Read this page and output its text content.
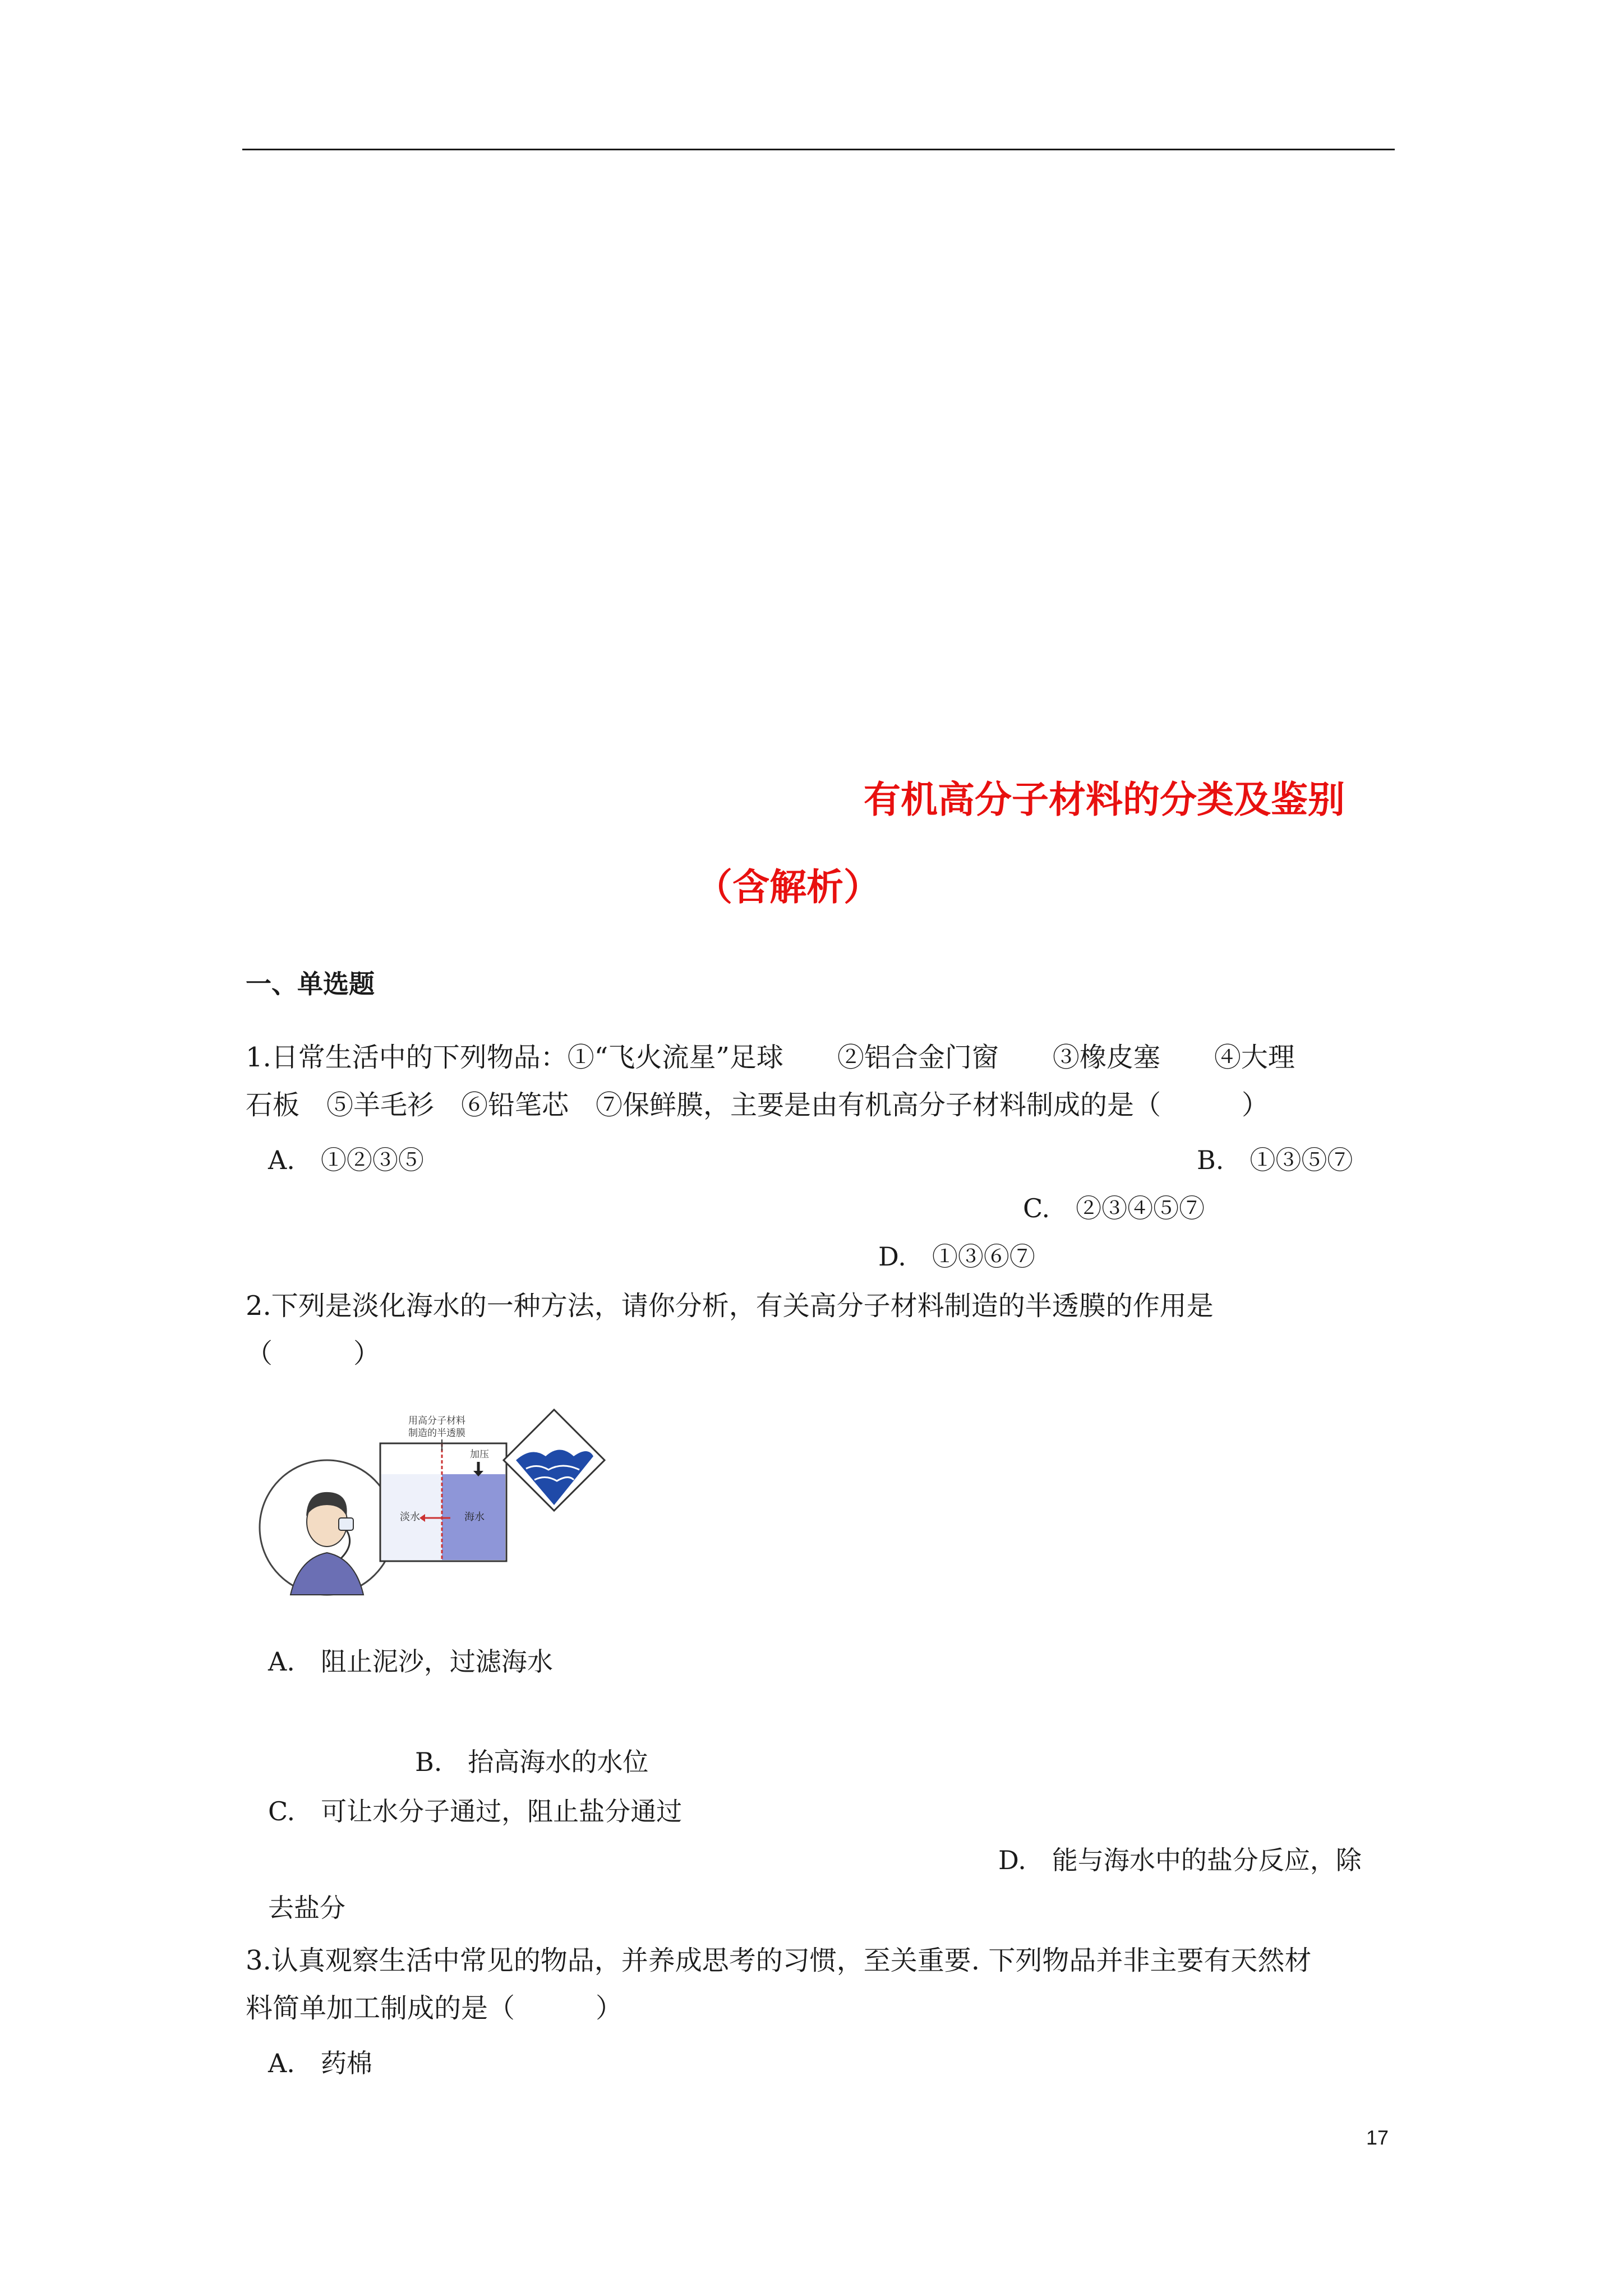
有机高分子材料的分类及鉴别
（含解析）
一、单选题
1.日常生活中的下列物品：①“飞火流星”足球　　②铝合金门窗　　③橡皮塞　　④大理
石板　⑤羊毛衫　⑥铅笔芯　⑦保鲜膜，主要是由有机高分子材料制成的是（　　　）
A.　①②③⑤	B.　①③⑤⑦
C.　②③④⑤⑦
D.　①③⑥⑦
2.下列是淡化海水的一种方法，请你分析，有关高分子材料制造的半透膜的作用是
（　　　）
淡水	海水
用高分子材料
制造的半透膜
加压
A.　阻止泥沙，过滤海水
B.　抬高海水的水位
C.　可让水分子通过，阻止盐分通过
D.　能与海水中的盐分反应，除
去盐分
3.认真观察生活中常见的物品，并养成思考的习惯，至关重要. 下列物品并非主要有天然材
料简单加工制成的是（　　　）
A.　药棉
17
